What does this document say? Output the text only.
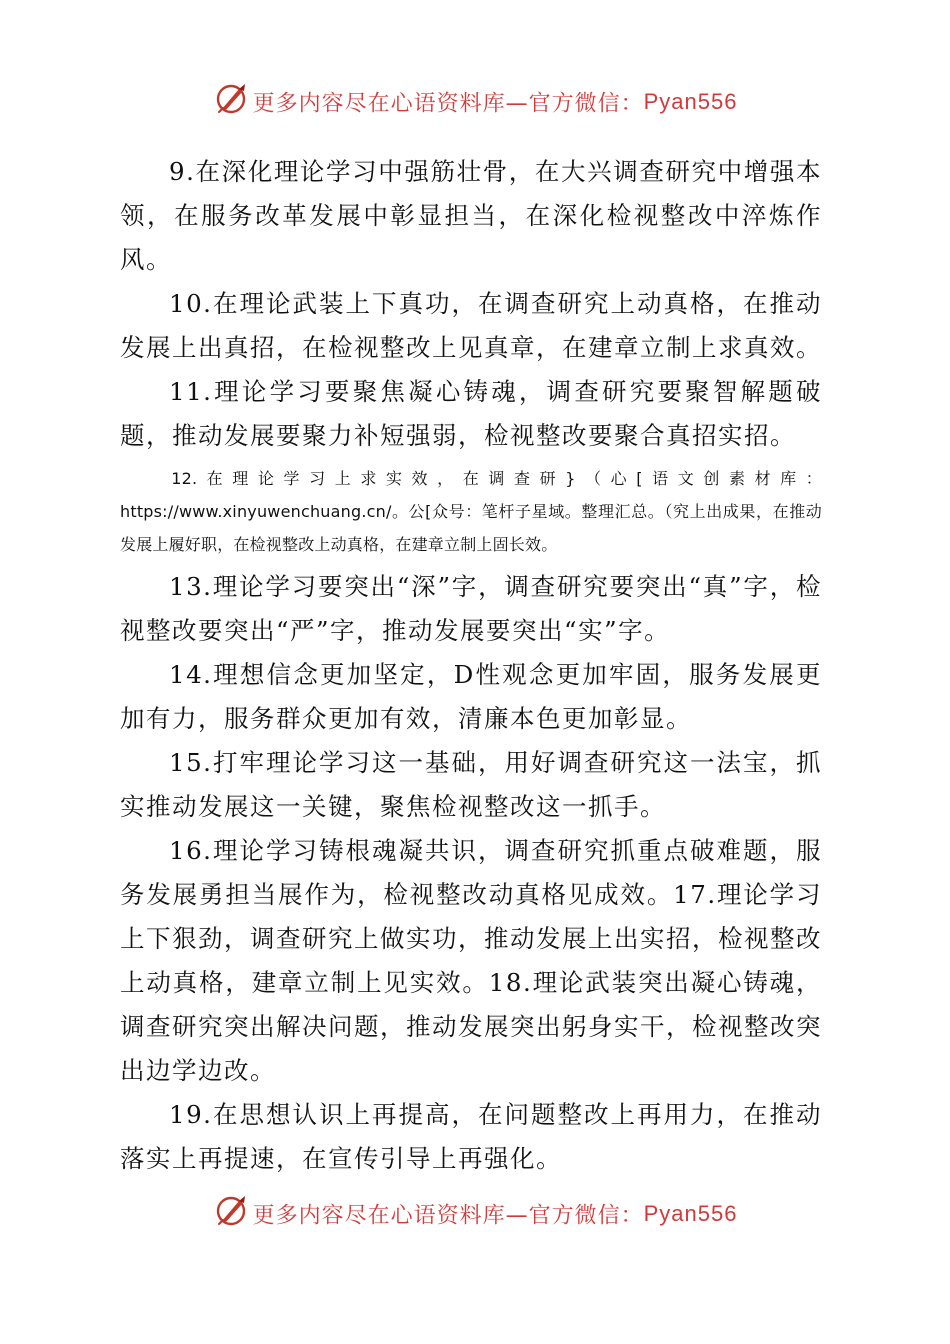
更多内容尽在心语资料库—官方微信：Pyan556

9.在深化理论学习中强筋壮骨，在大兴调查研究中增强本领，在服务改革发展中彰显担当，在深化检视整改中淬炼作风。

10.在理论武装上下真功，在调查研究上动真格，在推动发展上出真招，在检视整改上见真章，在建章立制上求真效。

11.理论学习要聚焦凝心铸魂，调查研究要聚智解题破题，推动发展要聚力补短强弱，检视整改要聚合真招实招。

12.在理论学习上求实效，在调查研}（心[语文创素材库：https://www.xinyuwenchuang.cn/。公[众号：笔杆子星域。整理汇总。（究上出成果，在推动发展上履好职，在检视整改上动真格，在建章立制上固长效。

13.理论学习要突出“深”字，调查研究要突出“真”字，检视整改要突出“严”字，推动发展要突出“实”字。

14.理想信念更加坚定，D性观念更加牢固，服务发展更加有力，服务群众更加有效，清廉本色更加彰显。

15.打牢理论学习这一基础，用好调查研究这一法宝，抓实推动发展这一关键，聚焦检视整改这一抓手。

16.理论学习铸根魂凝共识，调查研究抓重点破难题，服务发展勇担当展作为，检视整改动真格见成效。17.理论学习上下狠劲，调查研究上做实功，推动发展上出实招，检视整改上动真格，建章立制上见实效。18.理论武装突出凝心铸魂，调查研究突出解决问题，推动发展突出躬身实干，检视整改突出边学边改。

19.在思想认识上再提高，在问题整改上再用力，在推动落实上再提速，在宣传引导上再强化。

更多内容尽在心语资料库—官方微信：Pyan556
